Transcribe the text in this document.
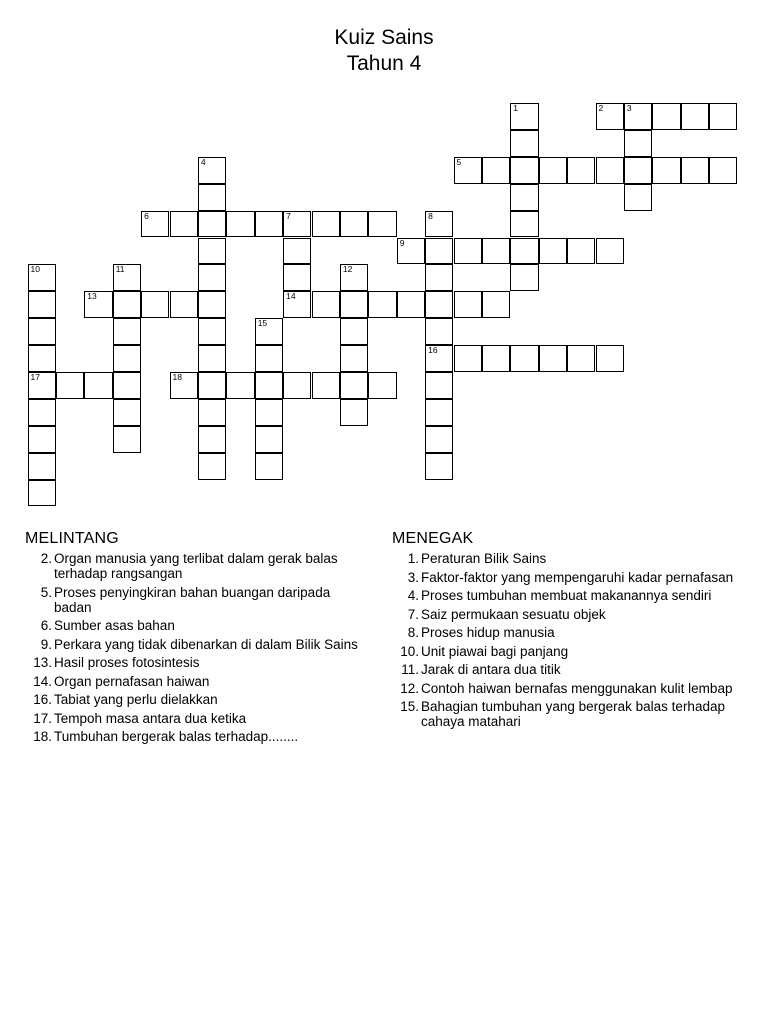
Kuiz Sains
Tahun 4
1	2	3
4	5
6	7
14
8
16
9
10
17
11	12
13
15
18
MELINTANG
2. Organ manusia yang terlibat dalam gerak balas terhadap rangsangan
5. Proses penyingkiran bahan buangan daripada badan
6. Sumber asas bahan
9. Perkara yang tidak dibenarkan di dalam Bilik Sains
13. Hasil proses fotosintesis
14. Organ pernafasan haiwan
16. Tabiat yang perlu dielakkan
17. Tempoh masa antara dua ketika
18. Tumbuhan bergerak balas terhadap........
MENEGAK
1. Peraturan Bilik Sains
3. Faktor-faktor yang mempengaruhi kadar pernafasan
4. Proses tumbuhan membuat makanannya sendiri
7. Saiz permukaan sesuatu objek
8. Proses hidup manusia
10. Unit piawai bagi panjang
11. Jarak di antara dua titik
12. Contoh haiwan bernafas menggunakan kulit lembap
15. Bahagian tumbuhan yang bergerak balas terhadap cahaya matahari
